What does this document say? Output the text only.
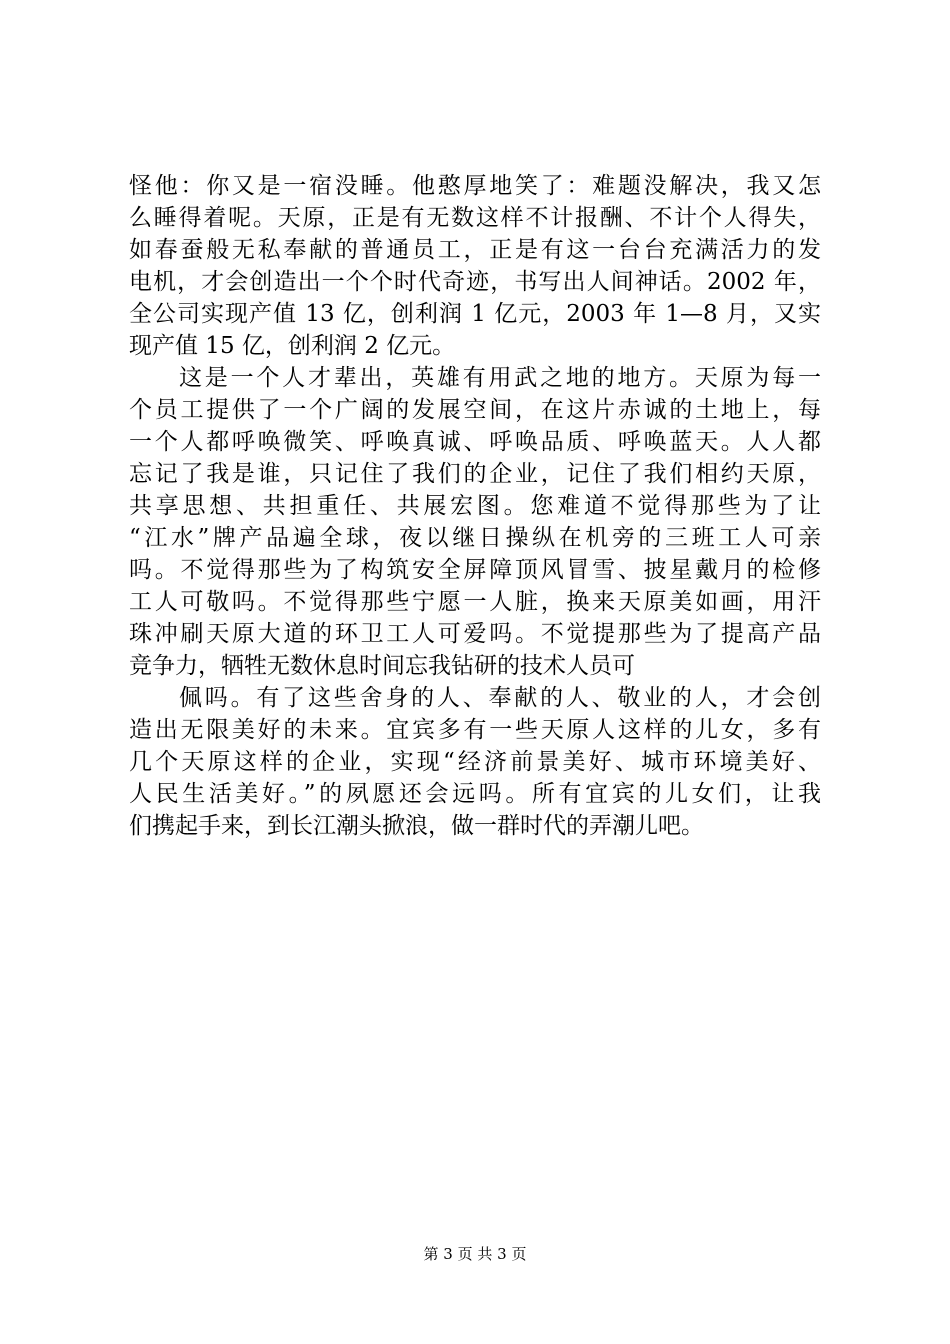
怪他：你又是一宿没睡。他憨厚地笑了：难题没解决，我又怎
么睡得着呢。天原，正是有无数这样不计报酬、不计个人得失，
如春蚕般无私奉献的普通员工，正是有这一台台充满活力的发
电机，才会创造出一个个时代奇迹，书写出人间神话。2002 年，
全公司实现产值 13 亿，创利润 1 亿元，2003 年 1—8 月，又实
现产值 15 亿，创利润 2 亿元。
这是一个人才辈出，英雄有用武之地的地方。天原为每一
个员工提供了一个广阔的发展空间，在这片赤诚的土地上，每
一个人都呼唤微笑、呼唤真诚、呼唤品质、呼唤蓝天。人人都
忘记了我是谁，只记住了我们的企业，记住了我们相约天原，
共享思想、共担重任、共展宏图。您难道不觉得那些为了让
“江水”牌产品遍全球，夜以继日操纵在机旁的三班工人可亲
吗。不觉得那些为了构筑安全屏障顶风冒雪、披星戴月的检修
工人可敬吗。不觉得那些宁愿一人脏，换来天原美如画，用汗
珠冲刷天原大道的环卫工人可爱吗。不觉提那些为了提高产品
竞争力，牺牲无数休息时间忘我钻研的技术人员可
佩吗。有了这些舍身的人、奉献的人、敬业的人，才会创
造出无限美好的未来。宜宾多有一些天原人这样的儿女，多有
几个天原这样的企业，实现“经济前景美好、城市环境美好、
人民生活美好。”的夙愿还会远吗。所有宜宾的儿女们，让我
们携起手来，到长江潮头掀浪，做一群时代的弄潮儿吧。
第 3 页 共 3 页
